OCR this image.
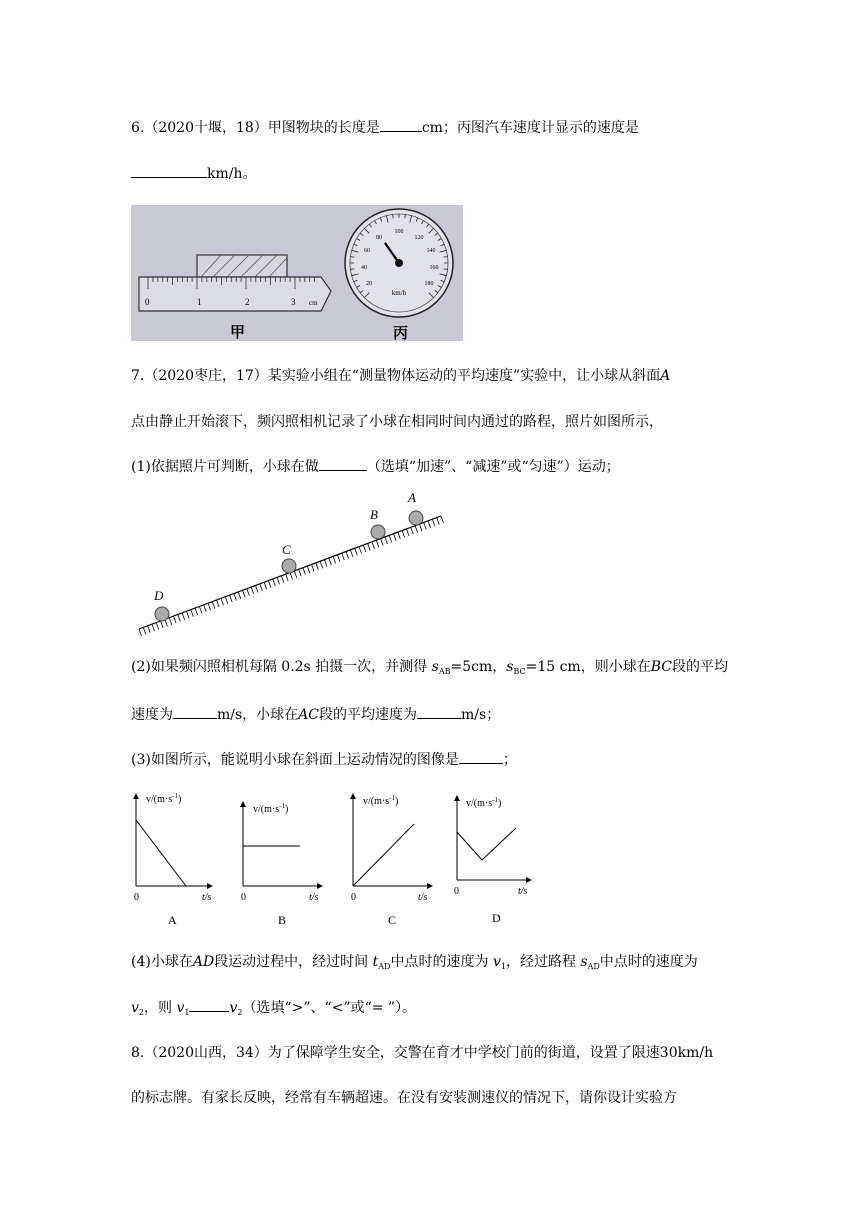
6.（2020十堰，18）甲图物块的长度是	cm；丙图汽车速度计显示的速度是
km/h。
0	1	2	3 cm
甲
20
40
60
80
100
120
140
160
180
km/h
丙
7.（2020枣庄，17）某实验小组在“测量物体运动的平均速度”实验中，让小球从斜面A
点由静止开始滚下，频闪照相机记录了小球在相同时间内通过的路程，照片如图所示，
(1)依据照片可判断，小球在做	（选填“加速”、“减速”或“匀速”）运动；
A
B
C
D
(2)如果频闪照相机每隔 0.2s 拍摄一次，并测得 $s_{AB}=5cm$，$s_{BC}=15$ cm，则小球在BC段的平均
速度为	m/s，小球在AC段的平均速度为	m/s；
(3)如图所示，能说明小球在斜面上运动情况的图像是	；
$v/(m\cdot s^{-1})$
0	t/s
A
$v/(m\cdot s^{-1})$
0	t/s
B
$v/(m\cdot s^{-1})$
0	t/s
C
$v/(m\cdot s^{-1})$
0	t/s
D
(4)小球在AD段运动过程中，经过时间 $t_{AD}$中点时的速度为 $v_1$，经过路程 $s_{AD}$中点时的速度为
$v_2$，则 $v_1$	$v_2$（选填“>”、“<”或“= ”）。
8.（2020山西，34）为了保障学生安全，交警在育才中学校门前的街道，设置了限速30km/h
的标志牌。有家长反映，经常有车辆超速。在没有安装测速仪的情况下，请你设计实验方
